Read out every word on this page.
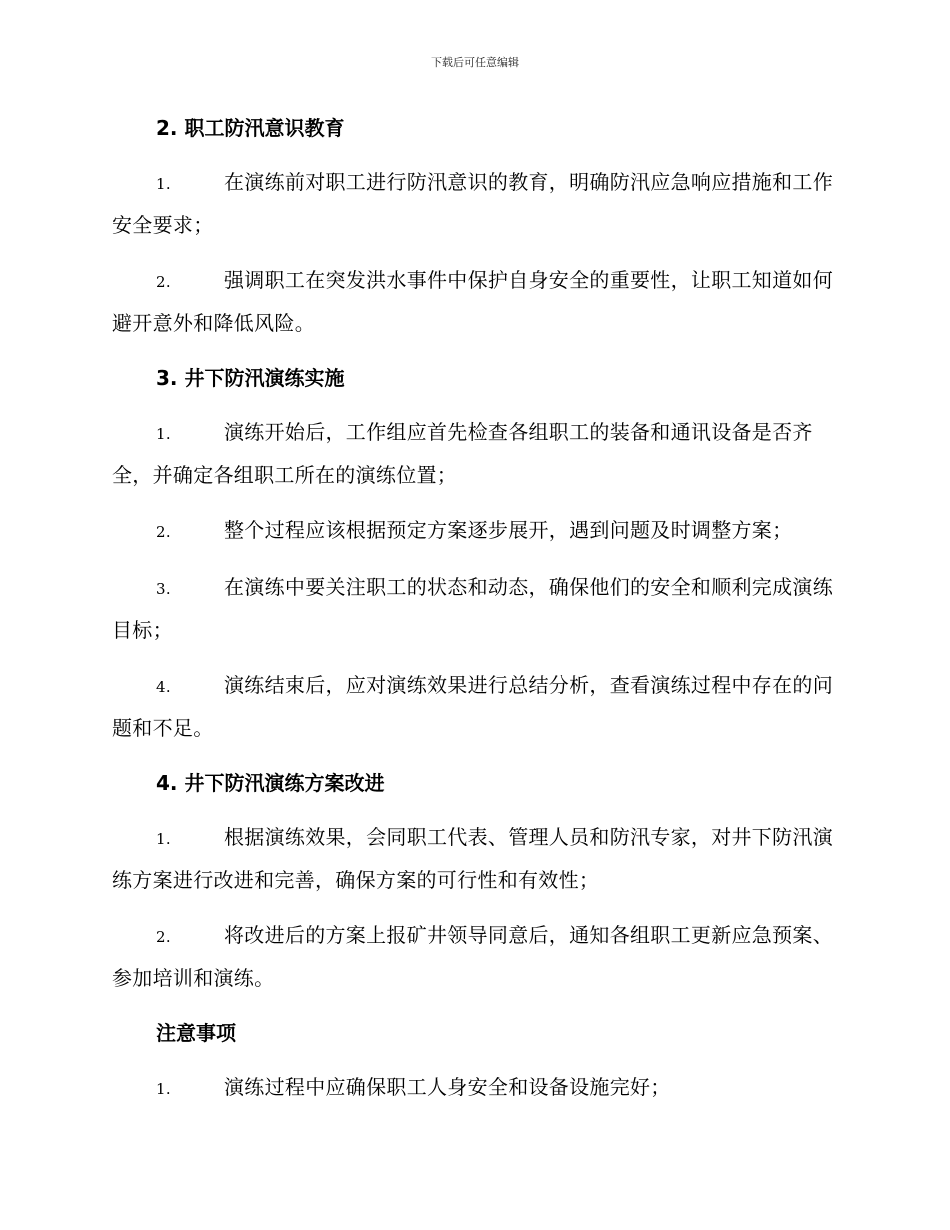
下载后可任意编辑
2. 职工防汛意识教育

1.	在演练前对职工进行防汛意识的教育，明确防汛应急响应措施和工作安全要求；

2.	强调职工在突发洪水事件中保护自身安全的重要性，让职工知道如何避开意外和降低风险。

3. 井下防汛演练实施

1.	演练开始后，工作组应首先检查各组职工的装备和通讯设备是否齐全，并确定各组职工所在的演练位置；

2.	整个过程应该根据预定方案逐步展开，遇到问题及时调整方案；

3.	在演练中要关注职工的状态和动态，确保他们的安全和顺利完成演练目标；

4.	演练结束后，应对演练效果进行总结分析，查看演练过程中存在的问题和不足。

4. 井下防汛演练方案改进

1.	根据演练效果，会同职工代表、管理人员和防汛专家，对井下防汛演练方案进行改进和完善，确保方案的可行性和有效性；

2.	将改进后的方案上报矿井领导同意后，通知各组职工更新应急预案、参加培训和演练。

注意事项

1.	演练过程中应确保职工人身安全和设备设施完好；
